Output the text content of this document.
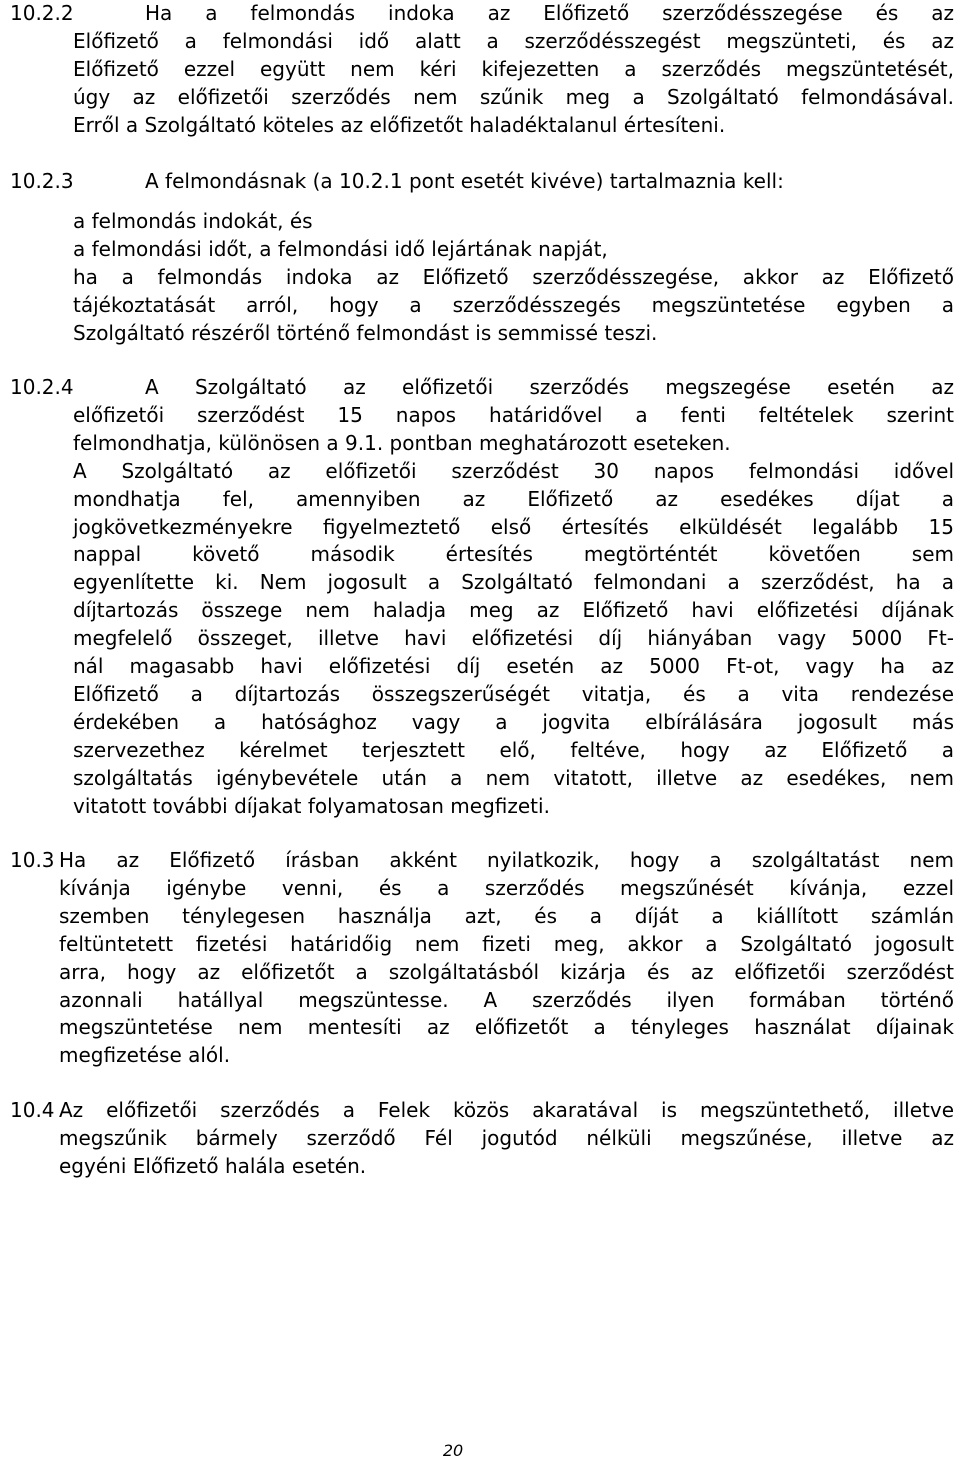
10.2.2	Ha a felmondás indoka az Előfizető szerződésszegése és az
Előfizető a felmondási idő alatt a szerződésszegést megszünteti, és az
Előfizető ezzel együtt nem kéri kifejezetten a szerződés megszüntetését,
úgy az előfizetői szerződés nem szűnik meg a Szolgáltató felmondásával.
Erről a Szolgáltató köteles az előfizetőt haladéktalanul értesíteni.
10.2.3	A felmondásnak (a 10.2.1 pont esetét kivéve) tartalmaznia kell:
a felmondás indokát, és
a felmondási időt, a felmondási idő lejártának napját,
ha a felmondás indoka az Előfizető szerződésszegése, akkor az Előfizető
tájékoztatását arról, hogy a szerződésszegés megszüntetése egyben a
Szolgáltató részéről történő felmondást is semmissé teszi.
10.2.4	A Szolgáltató az előfizetői szerződés megszegése esetén az
előfizetői szerződést 15 napos határidővel a fenti feltételek szerint
felmondhatja, különösen a 9.1. pontban meghatározott eseteken.
A Szolgáltató az előfizetői szerződést 30 napos felmondási idővel
mondhatja fel, amennyiben az Előfizető az esedékes díjat a
jogkövetkezményekre figyelmeztető első értesítés elküldését legalább 15
nappal követő második értesítés megtörténtét követően sem
egyenlítette ki. Nem jogosult a Szolgáltató felmondani a szerződést, ha a
díjtartozás összege nem haladja meg az Előfizető havi előfizetési díjának
megfelelő összeget, illetve havi előfizetési díj hiányában vagy 5000 Ft-
nál magasabb havi előfizetési díj esetén az 5000 Ft-ot, vagy ha az
Előfizető a díjtartozás összegszerűségét vitatja, és a vita rendezése
érdekében a hatósághoz vagy a jogvita elbírálására jogosult más
szervezethez kérelmet terjesztett elő, feltéve, hogy az Előfizető a
szolgáltatás igénybevétele után a nem vitatott, illetve az esedékes, nem
vitatott további díjakat folyamatosan megfizeti.
10.3 Ha az Előfizető írásban akként nyilatkozik, hogy a szolgáltatást nem
kívánja igénybe venni, és a szerződés megszűnését kívánja, ezzel
szemben ténylegesen használja azt, és a díját a kiállított számlán
feltüntetett fizetési határidőig nem fizeti meg, akkor a Szolgáltató jogosult
arra, hogy az előfizetőt a szolgáltatásból kizárja és az előfizetői szerződést
azonnali hatállyal megszüntesse. A szerződés ilyen formában történő
megszüntetése nem mentesíti az előfizetőt a tényleges használat díjainak
megfizetése alól.
10.4 Az előfizetői szerződés a Felek közös akaratával is megszüntethető, illetve
megszűnik bármely szerződő Fél jogutód nélküli megszűnése, illetve az
egyéni Előfizető halála esetén.
20
